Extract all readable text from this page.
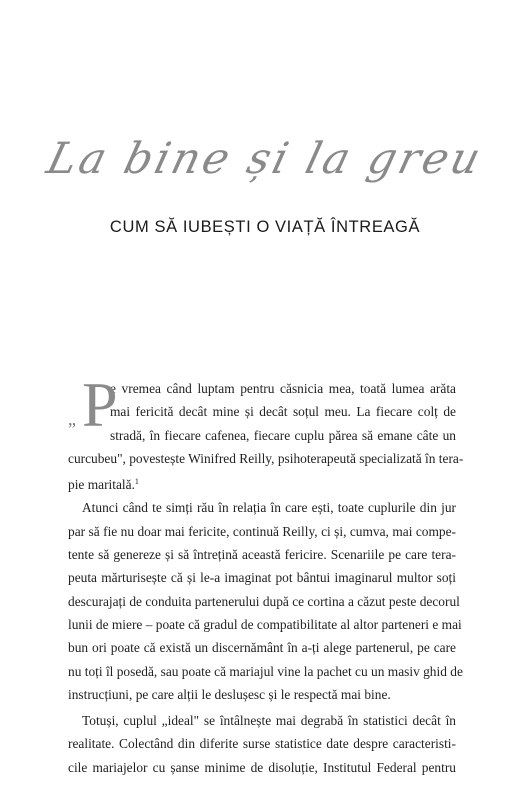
La bine și la greu
CUM SĂ IUBEȘTI O VIAȚĂ ÎNTREAGĂ
„ P
e vremea când luptam pentru căsnicia mea, toată lumea arăta
mai fericită decât mine și decât soțul meu. La fiecare colț de
stradă, în fiecare cafenea, fiecare cuplu părea să emane câte un
curcubeu", povestește Winifred Reilly, psihoterapeută specializată în tera-
pie maritală.$^1$
Atunci când te simți rău în relația în care ești, toate cuplurile din jur
par să fie nu doar mai fericite, continuă Reilly, ci și, cumva, mai compe-
tente să genereze și să întrețină această fericire. Scenariile pe care tera-
peuta mărturisește că și le-a imaginat pot bântui imaginarul multor soți
descurajați de conduita partenerului după ce cortina a căzut peste decorul
lunii de miere – poate că gradul de compatibilitate al altor parteneri e mai
bun ori poate că există un discernământ în a-ți alege partenerul, pe care
nu toți îl posedă, sau poate că mariajul vine la pachet cu un masiv ghid de
instrucțiuni, pe care alții le deslușesc și le respectă mai bine.
Totuși, cuplul „ideal" se întâlnește mai degrabă în statistici decât în
realitate. Colectând din diferite surse statistice date despre caracteristi-
cile mariajelor cu șanse minime de disoluție, Institutul Federal pentru
